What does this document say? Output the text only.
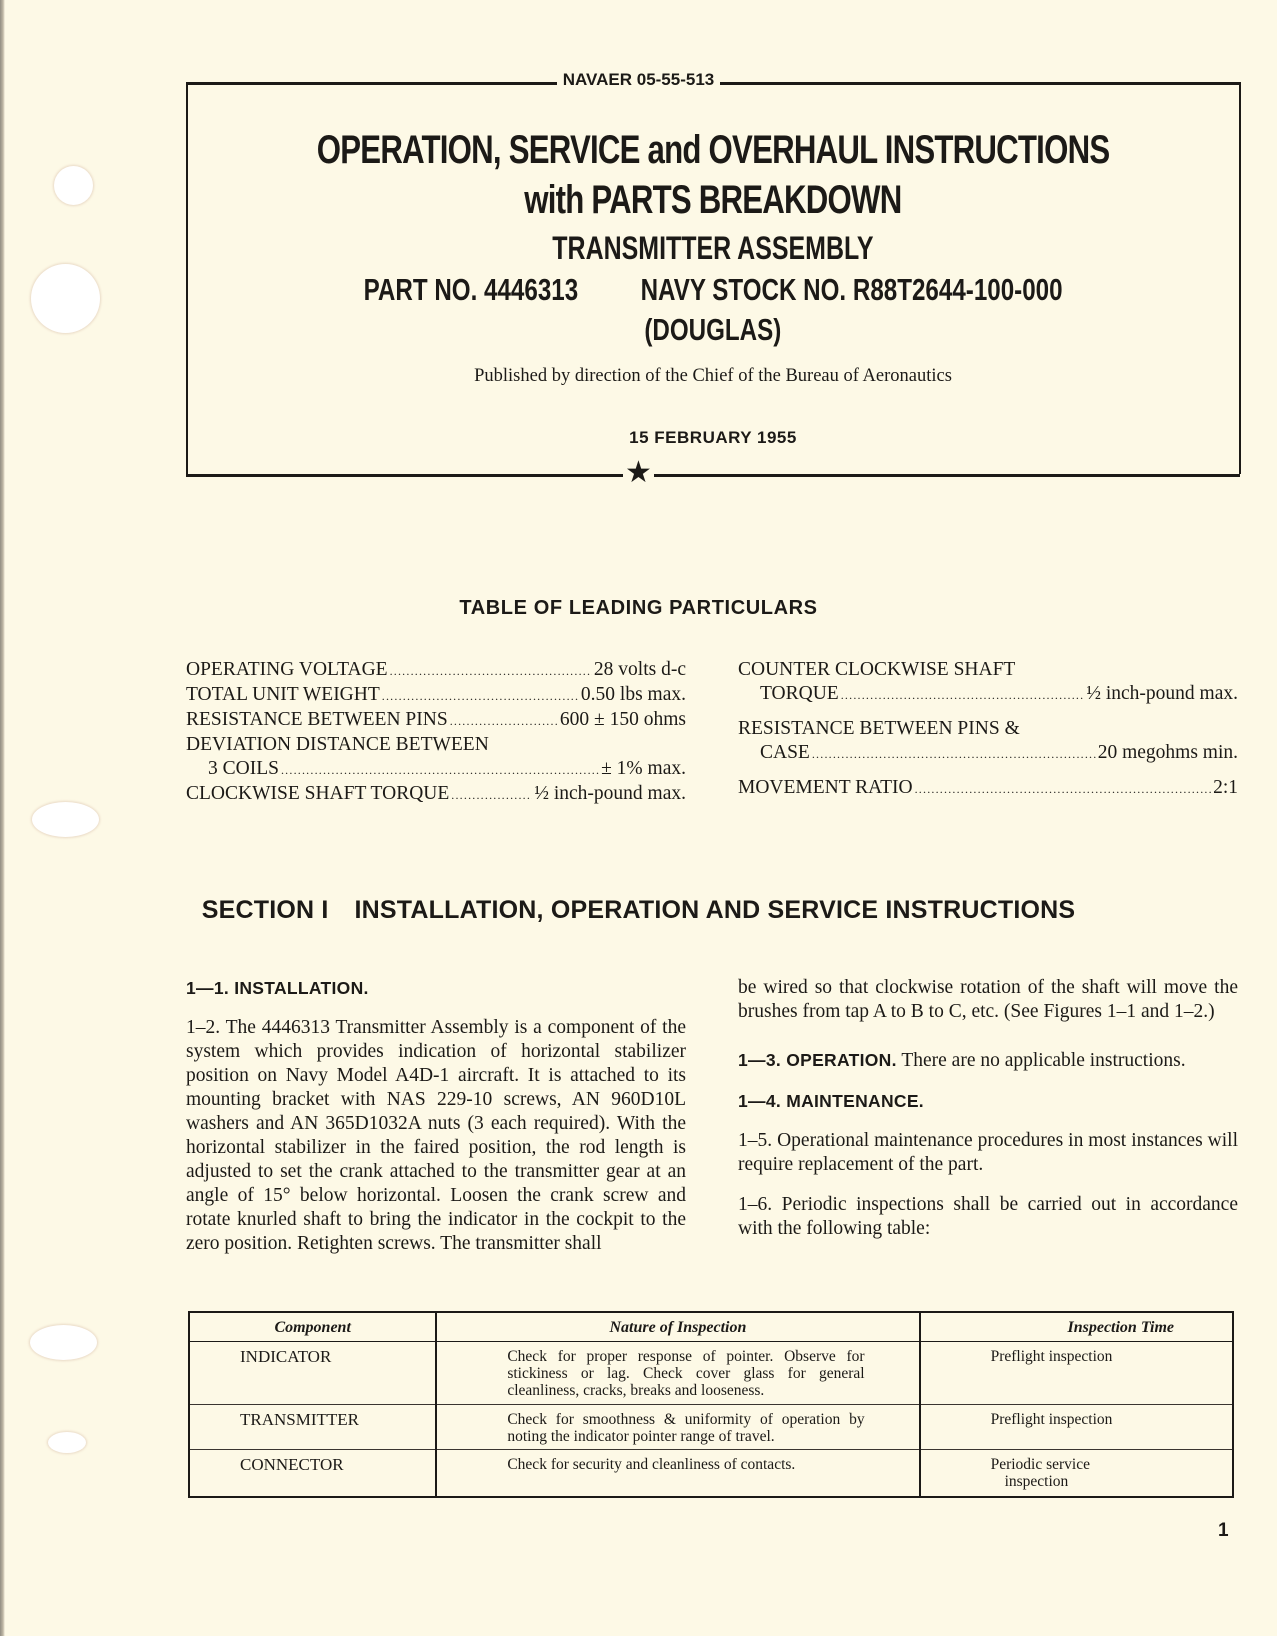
NAVAER 05-55-513
★
OPERATION, SERVICE and OVERHAUL INSTRUCTIONS
with PARTS BREAKDOWN
TRANSMITTER ASSEMBLY
PART NO. 4446313 NAVY STOCK NO. R88T2644-100-000
(DOUGLAS)
Published by direction of the Chief of the Bureau of Aeronautics
15 FEBRUARY 1955
TABLE OF LEADING PARTICULARS
OPERATING VOLTAGE .....	28 volts d-c
TOTAL UNIT WEIGHT .....	0.50 lbs max.
RESISTANCE BETWEEN PINS .....	600 ± 150 ohms
DEVIATION DISTANCE BETWEEN
3 COILS .....	± 1% max.
CLOCKWISE SHAFT TORQUE .....	½ inch-pound max.
COUNTER CLOCKWISE SHAFT
TORQUE .....	½ inch-pound max.
RESISTANCE BETWEEN PINS &
CASE .....	20 megohms min.
MOVEMENT RATIO .....	2:1
SECTION I INSTALLATION, OPERATION AND SERVICE INSTRUCTIONS
1—1. INSTALLATION.

1–2. The 4446313 Transmitter Assembly is a component of the system which provides indication of horizontal stabilizer position on Navy Model A4D-1 aircraft. It is attached to its mounting bracket with NAS 229-10 screws, AN 960D10L washers and AN 365D1032A nuts (3 each required). With the horizontal stabilizer in the faired position, the rod length is adjusted to set the crank attached to the transmitter gear at an angle of 15° below horizontal. Loosen the crank screw and rotate knurled shaft to bring the indicator in the cockpit to the zero position. Retighten screws. The transmitter shall

be wired so that clockwise rotation of the shaft will move the brushes from tap A to B to C, etc. (See Figures 1–1 and 1–2.)

1—3. OPERATION. There are no applicable instructions.

1—4. MAINTENANCE.

1–5. Operational maintenance procedures in most instances will require replacement of the part.

1–6. Periodic inspections shall be carried out in accordance with the following table:

Component	Nature of Inspection	Inspection Time
INDICATOR	Check for proper response of pointer. Observe for stickiness or lag. Check cover glass for general cleanliness, cracks, breaks and looseness.	Preflight inspection
TRANSMITTER	Check for smoothness & uniformity of operation by noting the indicator pointer range of travel.	Preflight inspection
CONNECTOR	Check for security and cleanliness of contacts.	Periodic service
inspection
1
